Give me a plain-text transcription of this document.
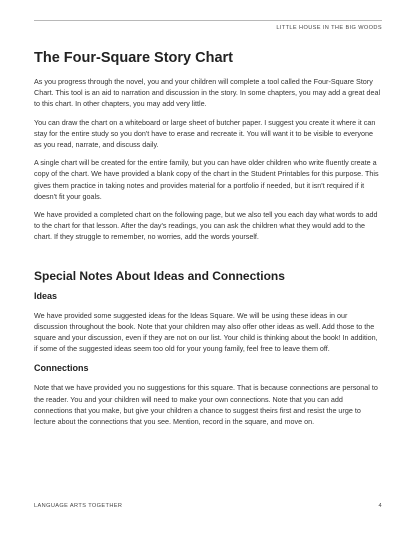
LITTLE HOUSE IN THE BIG WOODS
The Four-Square Story Chart

As you progress through the novel, you and your children will complete a tool called the Four-Square Story Chart. This tool is an aid to narration and discussion in the story. In some chapters, you may add a great deal to this chart. In other chapters, you may add very little.

You can draw the chart on a whiteboard or large sheet of butcher paper. I suggest you create it where it can stay for the entire study so you don't have to erase and recreate it. You will want it to be visible to everyone as you read, narrate, and discuss daily.

A single chart will be created for the entire family, but you can have older children who write fluently create a copy of the chart. We have provided a blank copy of the chart in the Student Printables for this purpose. This gives them practice in taking notes and provides material for a portfolio if needed, but it isn't required if it doesn't fit your goals.

We have provided a completed chart on the following page, but we also tell you each day what words to add to the chart for that lesson. After the day's readings, you can ask the children what they would add to the chart. If they struggle to remember, no worries, add the words yourself.

Special Notes About Ideas and Connections
Ideas

We have provided some suggested ideas for the Ideas Square. We will be using these ideas in our discussion throughout the book. Note that your children may also offer other ideas as well. Add those to the square and your discussion, even if they are not on our list. Your child is thinking about the book! In addition, if some of the suggested ideas seem too old for your young family, feel free to leave them off.

Connections

Note that we have provided you no suggestions for this square. That is because connections are personal to the reader. You and your children will need to make your own connections. Note that you can add connections that you make, but give your children a chance to suggest theirs first and resist the urge to lecture about the connections that you see. Mention, record in the square, and move on.

LANGUAGE ARTS TOGETHER	4
